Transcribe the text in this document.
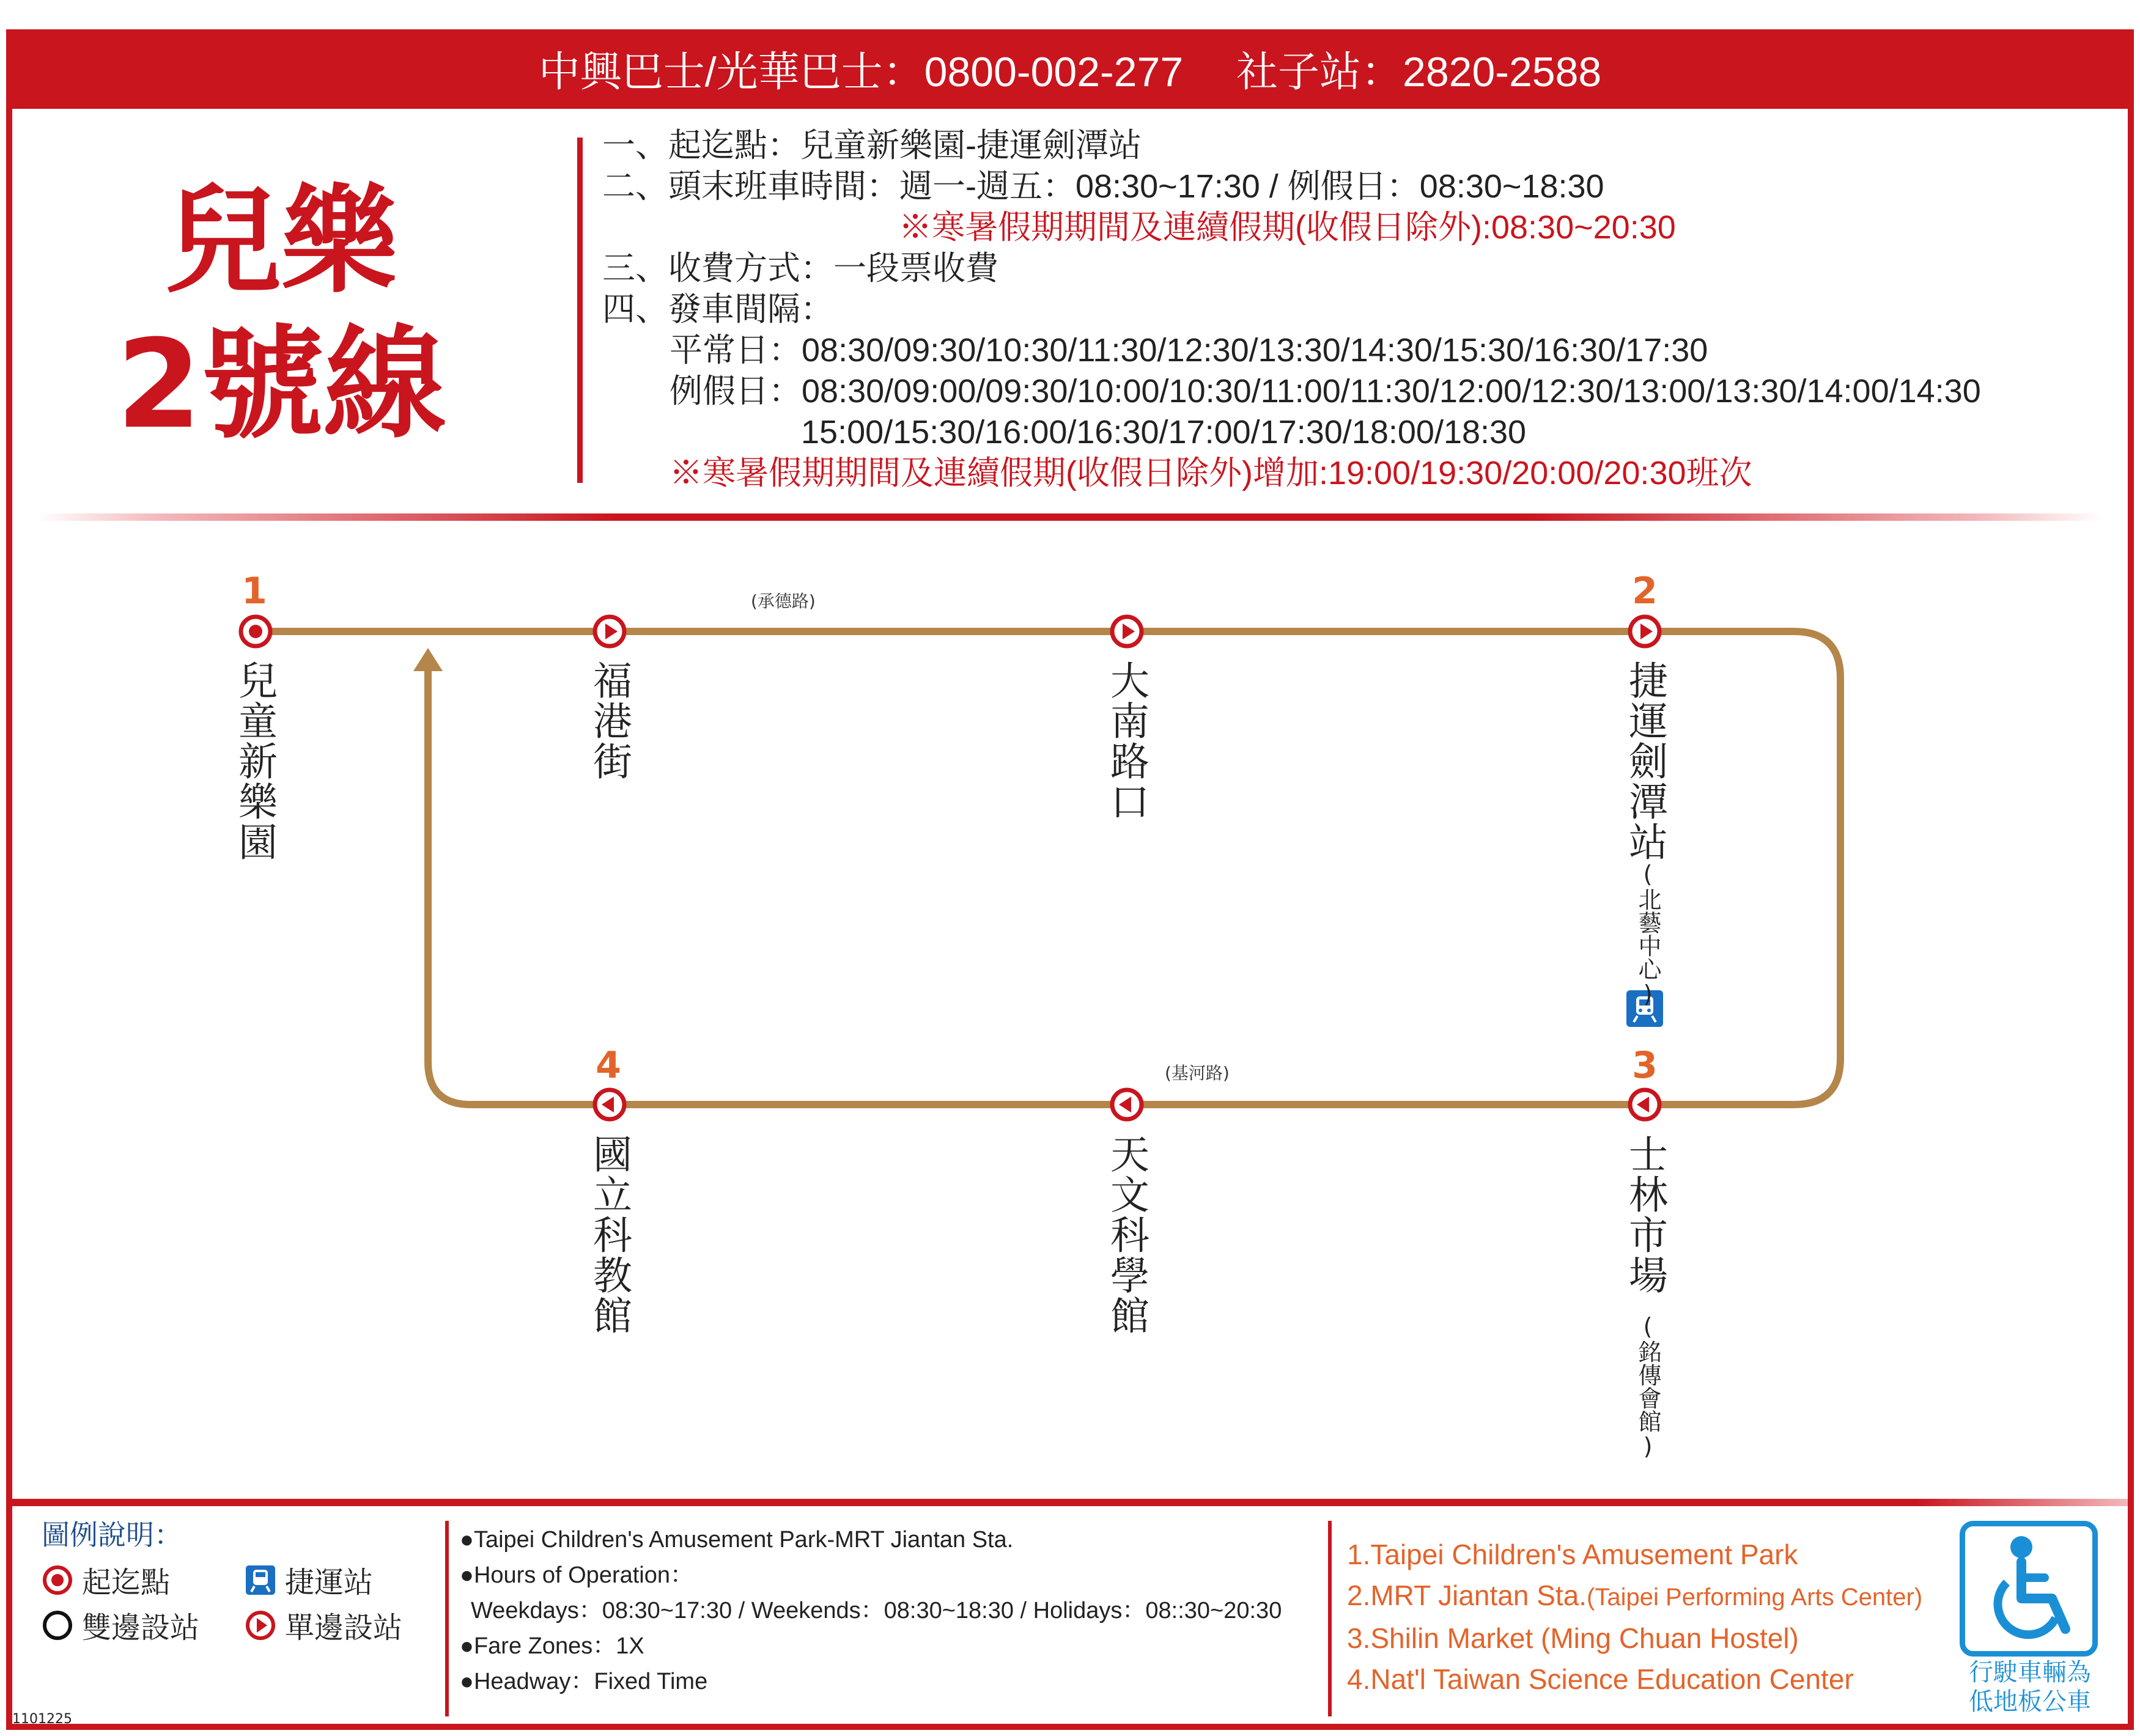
中興巴士/光華巴士：0800-002-277　 社子站：2820-2588
兒樂
2號線
一、起迄點：兒童新樂園-捷運劍潭站
二、頭末班車時間：週一-週五：08:30~17:30 / 例假日：08:30~18:30
※寒暑假期期間及連續假期(收假日除外):08:30~20:30
三、收費方式：一段票收費
四、發車間隔：
平常日：08:30/09:30/10:30/11:30/12:30/13:30/14:30/15:30/16:30/17:30
例假日：08:30/09:00/09:30/10:00/10:30/11:00/11:30/12:00/12:30/13:00/13:30/14:00/14:30
15:00/15:30/16:00/16:30/17:00/17:30/18:00/18:30
※寒暑假期期間及連續假期(收假日除外)增加:19:00/19:30/20:00/20:30班次
1	2
3
4
(承德路)
(基河路)
兒童新樂園	福港街	大南路口	捷運劍潭站
(北藝中心)
國立科教館	天文科學館	士林市場
(銘傳會館)
圖例說明：
起迄點	捷運站
雙邊設站	單邊設站
●Taipei Children's Amusement Park-MRT Jiantan Sta.
●Hours of Operation：
Weekdays：08:30~17:30 / Weekends：08:30~18:30 / Holidays：08::30~20:30
●Fare Zones：1X
●Headway：Fixed Time
1.Taipei Children's Amusement Park
2.MRT Jiantan Sta.(Taipei Performing Arts Center)
3.Shilin Market (Ming Chuan Hostel)
4.Nat'l Taiwan Science Education Center	行駛車輛為
低地板公車
1101225
